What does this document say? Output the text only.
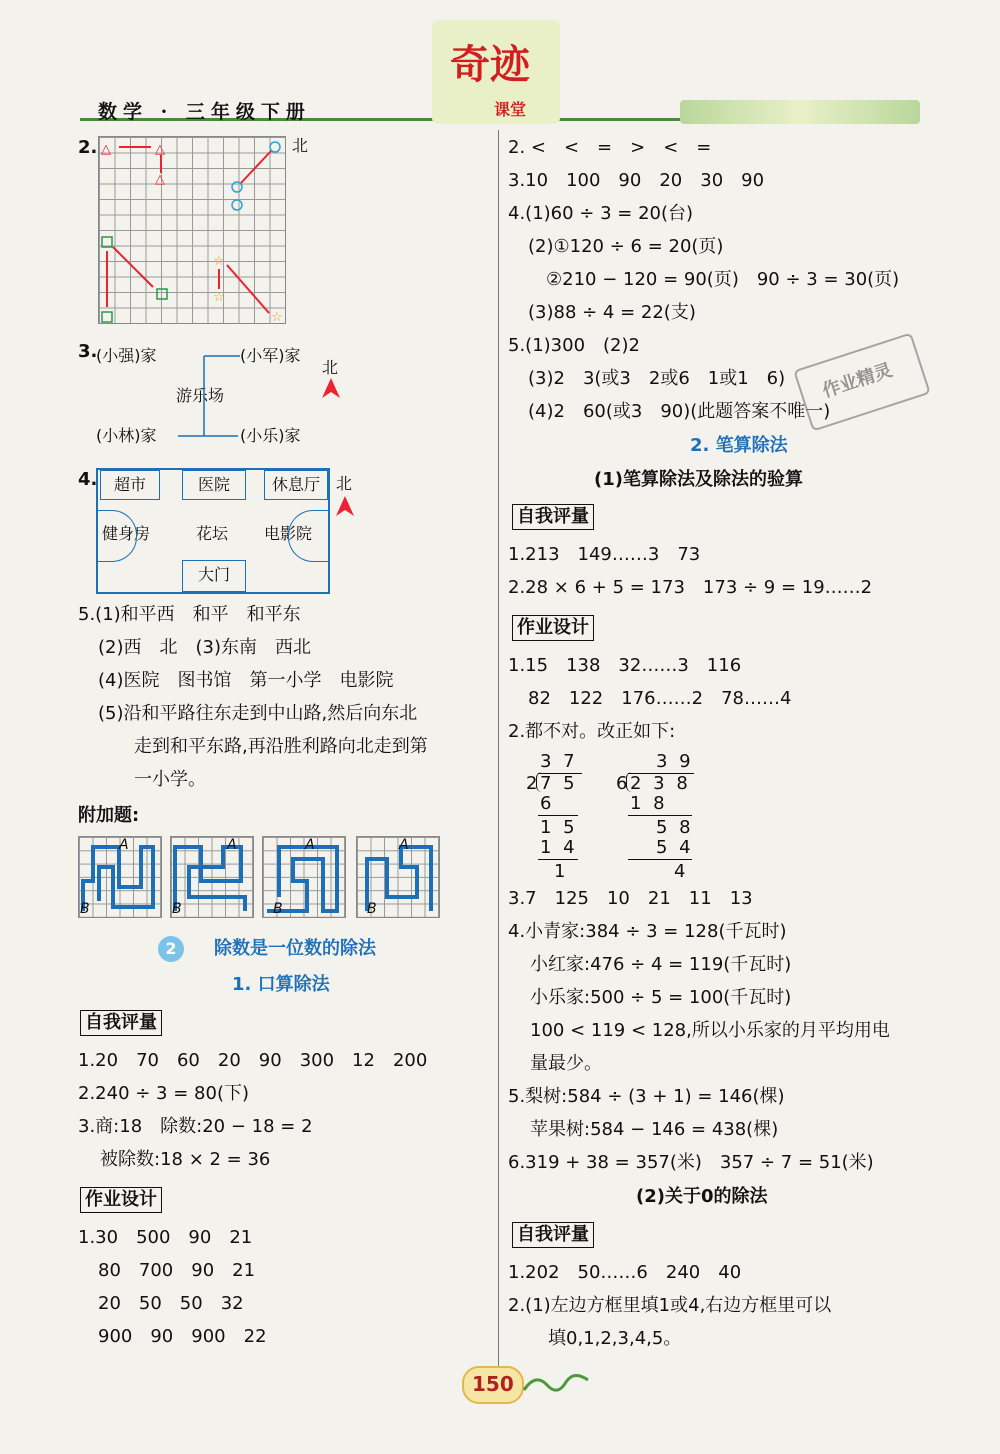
数学 · 三年级下册
奇迹
课堂
2. △	△
△
☆
☆
☆
北
3.
(小强)家	(小军)家
游乐场
(小林)家	(小乐)家
北
4.	超市	医院	休息厅
健身房	花坛 电影院
大门
北
5.(1)和平西　和平　和平东
(2)西　北　(3)东南　西北
(4)医院　图书馆　第一小学　电影院
(5)沿和平路往东走到中山路,然后向东北
走到和平东路,再沿胜利路向北走到第
一小学。
附加题:
A
B
A
B
A
B
A
B
2	除数是一位数的除法
1. 口算除法
自我评量
1.20　70　60　20　90　300　12　200
2.240 ÷ 3 = 80(下)
3.商:18　除数:20 − 18 = 2
被除数:18 × 2 = 36
作业设计
1.30　500　90　21
80　700　90　21
20　50　50　32
900　90　900　22
2. <　<　=　>　<　=
3.10　100　90　20　30　90
4.(1)60 ÷ 3 = 20(台)
(2)①120 ÷ 6 = 20(页)
②210 − 120 = 90(页)　90 ÷ 3 = 30(页)
(3)88 ÷ 4 = 22(支)
5.(1)300　(2)2
(3)2　3(或3　2或6　1或1　6)
(4)2　60(或3　90)(此题答案不唯一)
作业精灵
2. 笔算除法
(1)笔算除法及除法的验算
自我评量
1.213　149……3　73
2.28 × 6 + 5 = 173　173 ÷ 9 = 19……2
作业设计
1.15　138　32……3　116
82　122　176……2　78……4
2.都不对。改正如下:
3 7
2 7 5
6
1 5
1 4
1
3 9
6 2 3 8
1 8
5 8
5 4
4
3.7　125　10　21　11　13
4.小青家:384 ÷ 3 = 128(千瓦时)
小红家:476 ÷ 4 = 119(千瓦时)
小乐家:500 ÷ 5 = 100(千瓦时)
100 < 119 < 128,所以小乐家的月平均用电
量最少。
5.梨树:584 ÷ (3 + 1) = 146(棵)
苹果树:584 − 146 = 438(棵)
6.319 + 38 = 357(米)　357 ÷ 7 = 51(米)
(2)关于0的除法
自我评量
1.202　50……6　240　40
2.(1)左边方框里填1或4,右边方框里可以
填0,1,2,3,4,5。
150
